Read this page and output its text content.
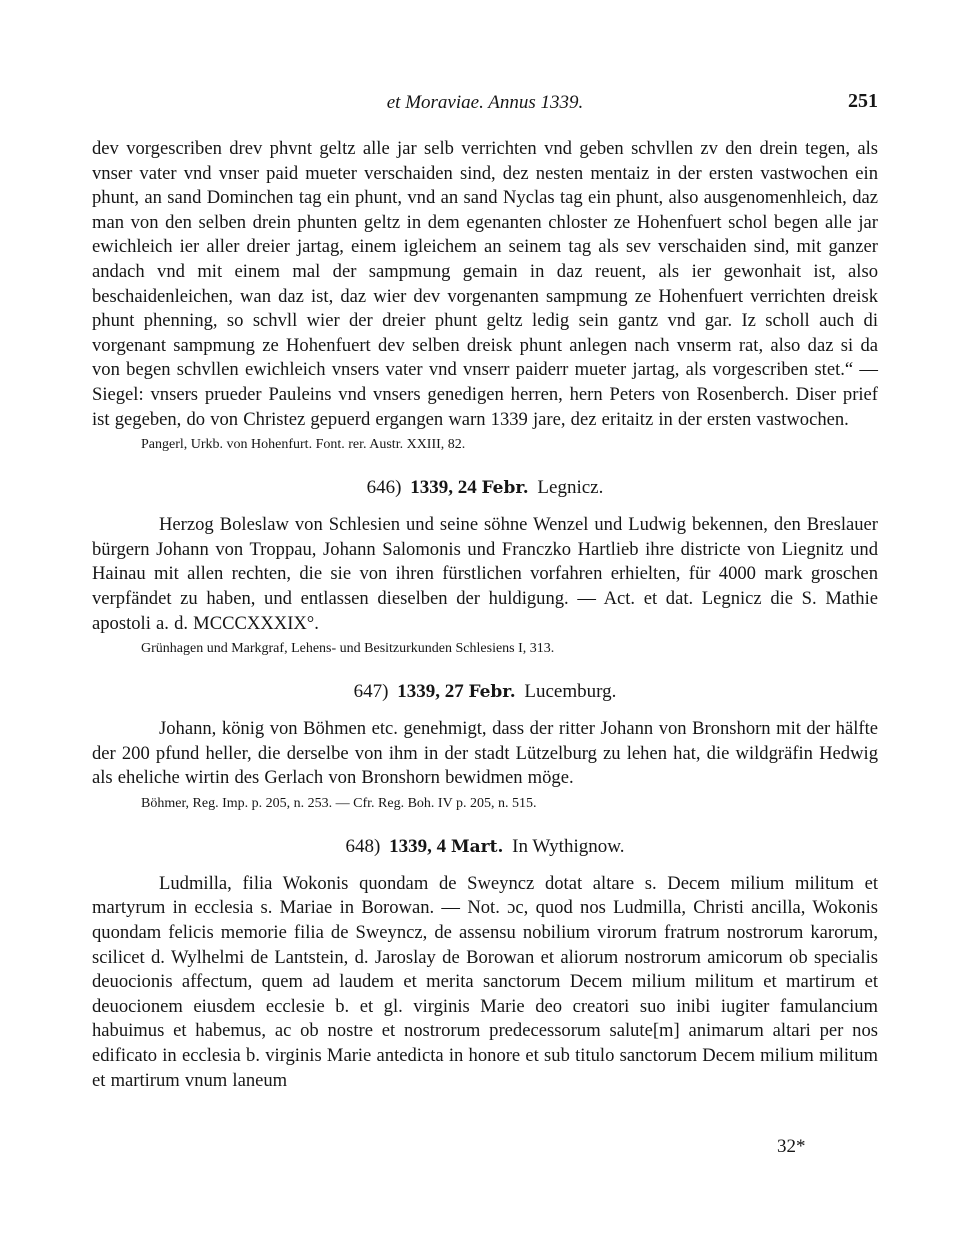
et Moraviae. Annus 1339.	251

dev vorgescriben drev phvnt geltz alle jar selb verrichten vnd geben schvllen zv den drein tegen, als vnser vater vnd vnser paid mueter verschaiden sind, dez nesten mentaiz in der ersten vastwochen ein phunt, an sand Dominchen tag ein phunt, vnd an sand Nyclas tag ein phunt, also ausgenomenhleich, daz man von den selben drein phunten geltz in dem egenanten chloster ze Hohenfuert schol begen alle jar ewichleich ier aller dreier jartag, einem igleichem an seinem tag als sev verschaiden sind, mit ganzer andach vnd mit einem mal der sampmung gemain in daz reuent, als ier gewonhait ist, also beschaidenleichen, wan daz ist, daz wier dev vorgenanten sampmung ze Hohenfuert verrichten dreisk phunt phenning, so schvll wier der dreier phunt geltz ledig sein gantz vnd gar. Iz scholl auch di vorgenant sampmung ze Hohenfuert dev selben dreisk phunt anlegen nach vnserm rat, also daz si da von begen schvllen ewichleich vnsers vater vnd vnserr paiderr mueter jartag, als vorgescriben stet.“ — Siegel: vnsers prueder Pauleins vnd vnsers genedigen herren, hern Peters von Rosenberch. Diser prief ist gegeben, do von Christez gepuerd ergangen warn 1339 jare, dez eritaitz in der ersten vastwochen.

Pangerl, Urkb. von Hohenfurt. Font. rer. Austr. XXIII, 82.
646) 1339, 24 Febr. Legnicz.

Herzog Boleslaw von Schlesien und seine söhne Wenzel und Ludwig bekennen, den Breslauer bürgern Johann von Troppau, Johann Salomonis und Franczko Hartlieb ihre districte von Liegnitz und Hainau mit allen rechten, die sie von ihren fürstlichen vorfahren erhielten, für 4000 mark groschen verpfändet zu haben, und entlassen dieselben der huldigung. — Act. et dat. Legnicz die S. Mathie apostoli a. d. MCCCXXXIX°.

Grünhagen und Markgraf, Lehens- und Besitzurkunden Schlesiens I, 313.
647) 1339, 27 Febr. Lucemburg.

Johann, könig von Böhmen etc. genehmigt, dass der ritter Johann von Bronshorn mit der hälfte der 200 pfund heller, die derselbe von ihm in der stadt Lützelburg zu lehen hat, die wildgräfin Hedwig als eheliche wirtin des Gerlach von Bronshorn bewidmen möge.

Böhmer, Reg. Imp. p. 205, n. 253. — Cfr. Reg. Boh. IV p. 205, n. 515.
648) 1339, 4 Mart. In Wythignow.

Ludmilla, filia Wokonis quondam de Sweyncz dotat altare s. Decem milium militum et martyrum in ecclesia s. Mariae in Borowan. — Not. ɔc, quod nos Ludmilla, Christi ancilla, Wokonis quondam felicis memorie filia de Sweyncz, de assensu nobilium virorum fratrum nostrorum karorum, scilicet d. Wylhelmi de Lantstein, d. Jaroslay de Borowan et aliorum nostrorum amicorum ob specialis deuocionis affectum, quem ad laudem et merita sanctorum Decem milium militum et martirum et deuocionem eiusdem ecclesie b. et gl. virginis Marie deo creatori suo inibi iugiter famulancium habuimus et habemus, ac ob nostre et nostrorum predecessorum salute[m] animarum altari per nos edificato in ecclesia b. virginis Marie antedicta in honore et sub titulo sanctorum Decem milium militum et martirum vnum laneum

32*
